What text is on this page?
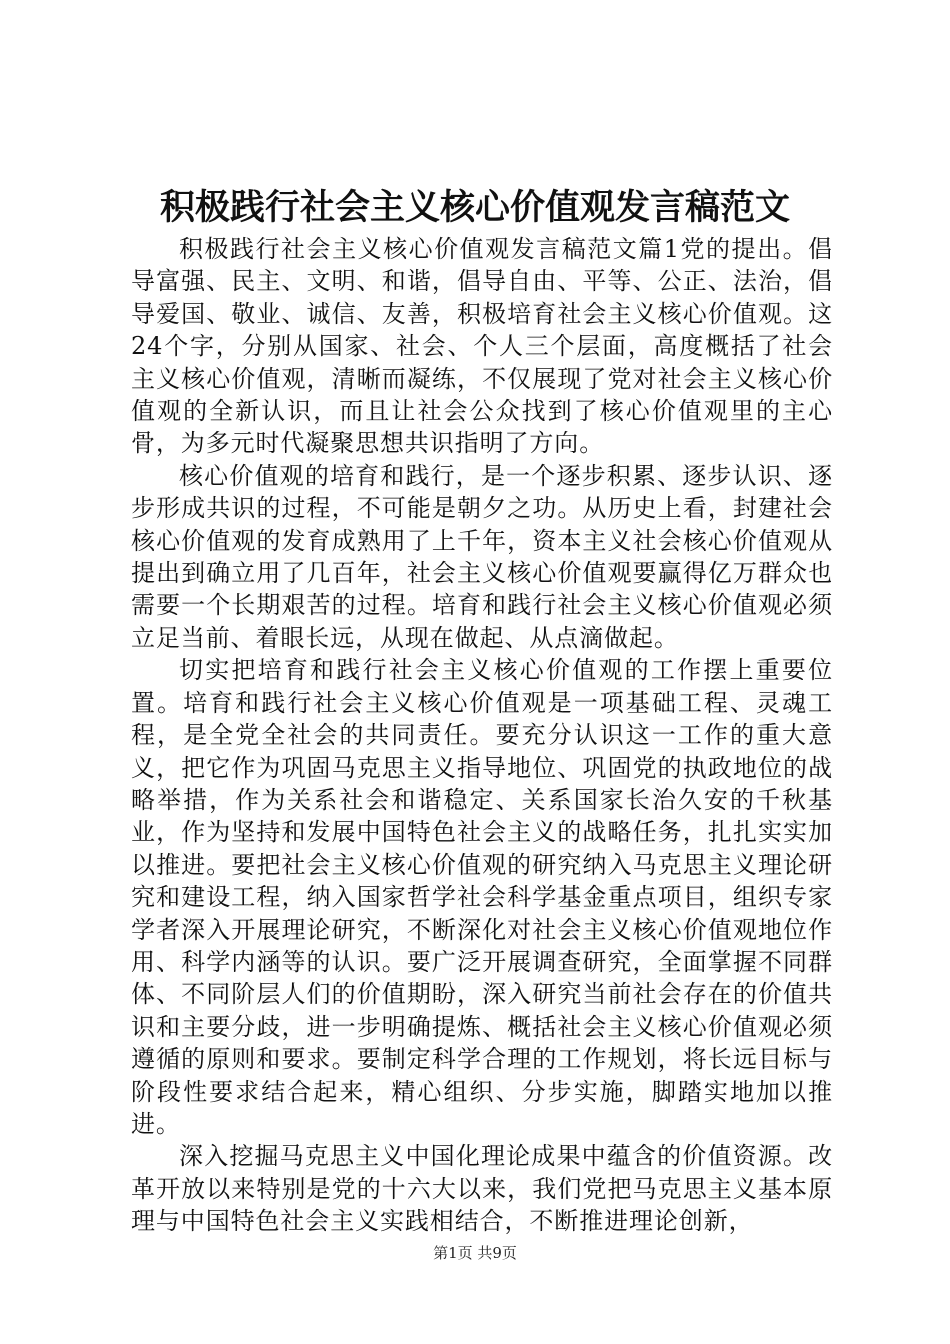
积极践行社会主义核心价值观发言稿范文

积极践行社会主义核心价值观发言稿范文篇1党的提出。倡导富强、民主、文明、和谐，倡导自由、平等、公正、法治，倡导爱国、敬业、诚信、友善，积极培育社会主义核心价值观。这24个字，分别从国家、社会、个人三个层面，高度概括了社会主义核心价值观，清晰而凝练，不仅展现了党对社会主义核心价值观的全新认识，而且让社会公众找到了核心价值观里的主心骨，为多元时代凝聚思想共识指明了方向。

核心价值观的培育和践行，是一个逐步积累、逐步认识、逐步形成共识的过程，不可能是朝夕之功。从历史上看，封建社会核心价值观的发育成熟用了上千年，资本主义社会核心价值观从提出到确立用了几百年，社会主义核心价值观要赢得亿万群众也需要一个长期艰苦的过程。培育和践行社会主义核心价值观必须立足当前、着眼长远，从现在做起、从点滴做起。

切实把培育和践行社会主义核心价值观的工作摆上重要位置。培育和践行社会主义核心价值观是一项基础工程、灵魂工程，是全党全社会的共同责任。要充分认识这一工作的重大意义，把它作为巩固马克思主义指导地位、巩固党的执政地位的战略举措，作为关系社会和谐稳定、关系国家长治久安的千秋基业，作为坚持和发展中国特色社会主义的战略任务，扎扎实实加以推进。要把社会主义核心价值观的研究纳入马克思主义理论研究和建设工程，纳入国家哲学社会科学基金重点项目，组织专家学者深入开展理论研究，不断深化对社会主义核心价值观地位作用、科学内涵等的认识。要广泛开展调查研究，全面掌握不同群体、不同阶层人们的价值期盼，深入研究当前社会存在的价值共识和主要分歧，进一步明确提炼、概括社会主义核心价值观必须遵循的原则和要求。要制定科学合理的工作规划，将长远目标与阶段性要求结合起来，精心组织、分步实施，脚踏实地加以推进。

深入挖掘马克思主义中国化理论成果中蕴含的价值资源。改革开放以来特别是党的十六大以来，我们党把马克思主义基本原理与中国特色社会主义实践相结合，不断推进理论创新，

第1页 共9页
